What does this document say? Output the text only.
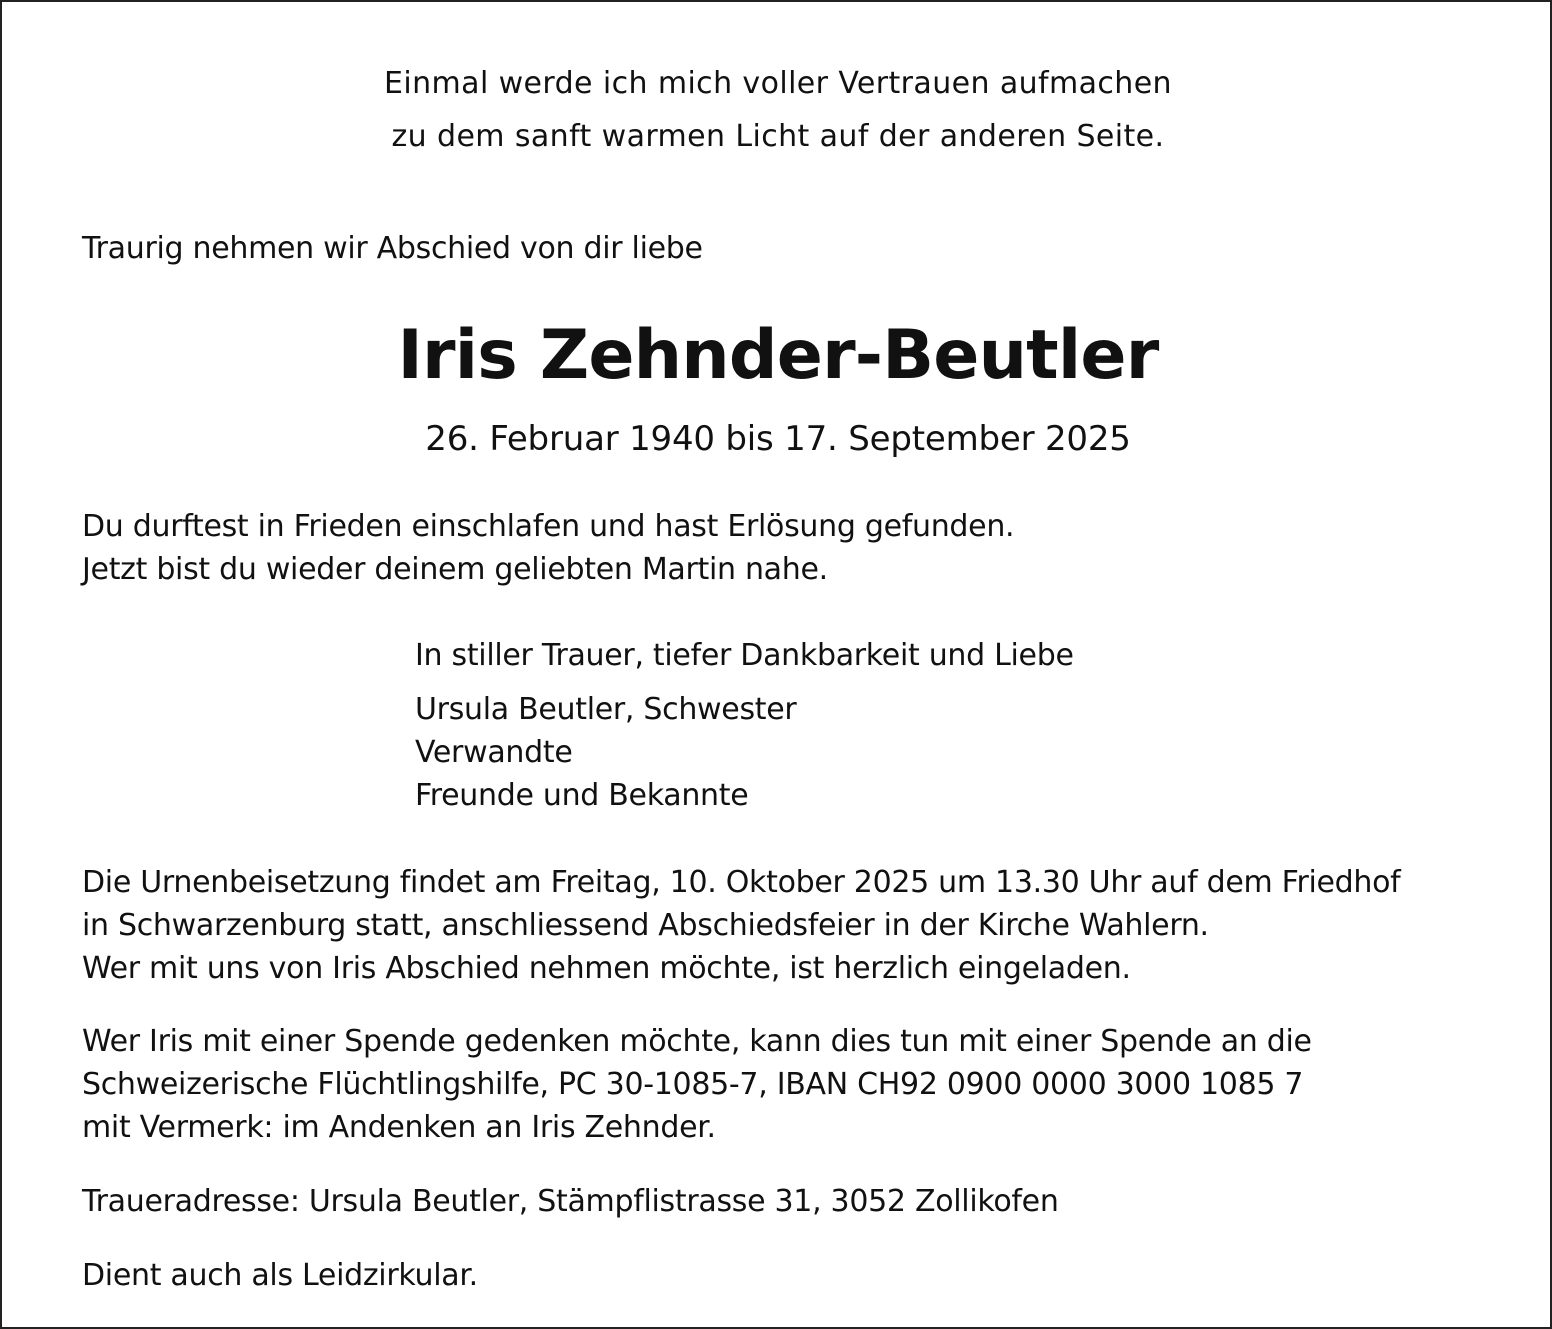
Einmal werde ich mich voller Vertrauen aufmachen
zu dem sanft warmen Licht auf der anderen Seite.

Traurig nehmen wir Abschied von dir liebe

Iris Zehnder-Beutler

26. Februar 1940 bis 17. September 2025

Du durftest in Frieden einschlafen und hast Erlösung gefunden.
Jetzt bist du wieder deinem geliebten Martin nahe.

In stiller Trauer, tiefer Dankbarkeit und Liebe

Ursula Beutler, Schwester
Verwandte
Freunde und Bekannte

Die Urnenbeisetzung findet am Freitag, 10. Oktober 2025 um 13.30 Uhr auf dem Friedhof
in Schwarzenburg statt, anschliessend Abschiedsfeier in der Kirche Wahlern.
Wer mit uns von Iris Abschied nehmen möchte, ist herzlich eingeladen.

Wer Iris mit einer Spende gedenken möchte, kann dies tun mit einer Spende an die
Schweizerische Flüchtlingshilfe, PC 30-1085-7, IBAN CH92 0900 0000 3000 1085 7
mit Vermerk: im Andenken an Iris Zehnder.

Traueradresse: Ursula Beutler, Stämpflistrasse 31, 3052 Zollikofen

Dient auch als Leidzirkular.
